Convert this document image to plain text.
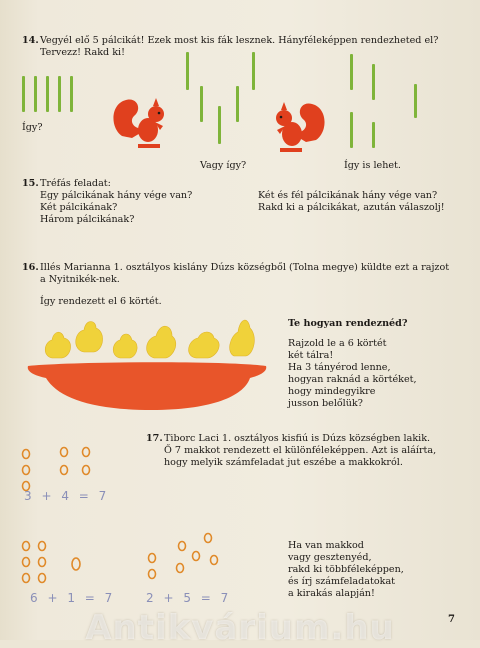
14. Vegyél elő 5 pálcikát! Ezek most kis fák lesznek. Hányféleképpen rendezheted el?
Tervezz! Rakd ki!
Így?
Vagy így?	Így is lehet.
15. Tréfás feladat:
Egy pálcikának hány vége van?
Két pálcikának?
Három pálcikának?
Két és fél pálcikának hány vége van?
Rakd ki a pálcikákat, azután válaszolj!
16. Illés Marianna 1. osztályos kislány Dúzs községből (Tolna megye) küldte ezt a rajzot
a Nyitnikék-nek.
Így rendezett el 6 körtét.
Te hogyan rendeznéd?
Rajzold le a 6 körtét
két tálra!
Ha 3 tányérod lenne,
hogyan raknád a körtéket,
hogy mindegyikre
jusson belőlük?
17. Tiborc Laci 1. osztályos kisfiú is Dúzs községben lakik.
Ő 7 makkot rendezett el különféleképpen. Azt is aláírta,
hogy melyik számfeladat jut eszébe a makkokról.
3 + 4 = 7
6 + 1 = 7	2 + 5 = 7
Ha van makkod
vagy gesztenyéd,
rakd ki többféleképpen,
és írj számfeladatokat
a kirakás alapján!
7
Antikvárium.hu
